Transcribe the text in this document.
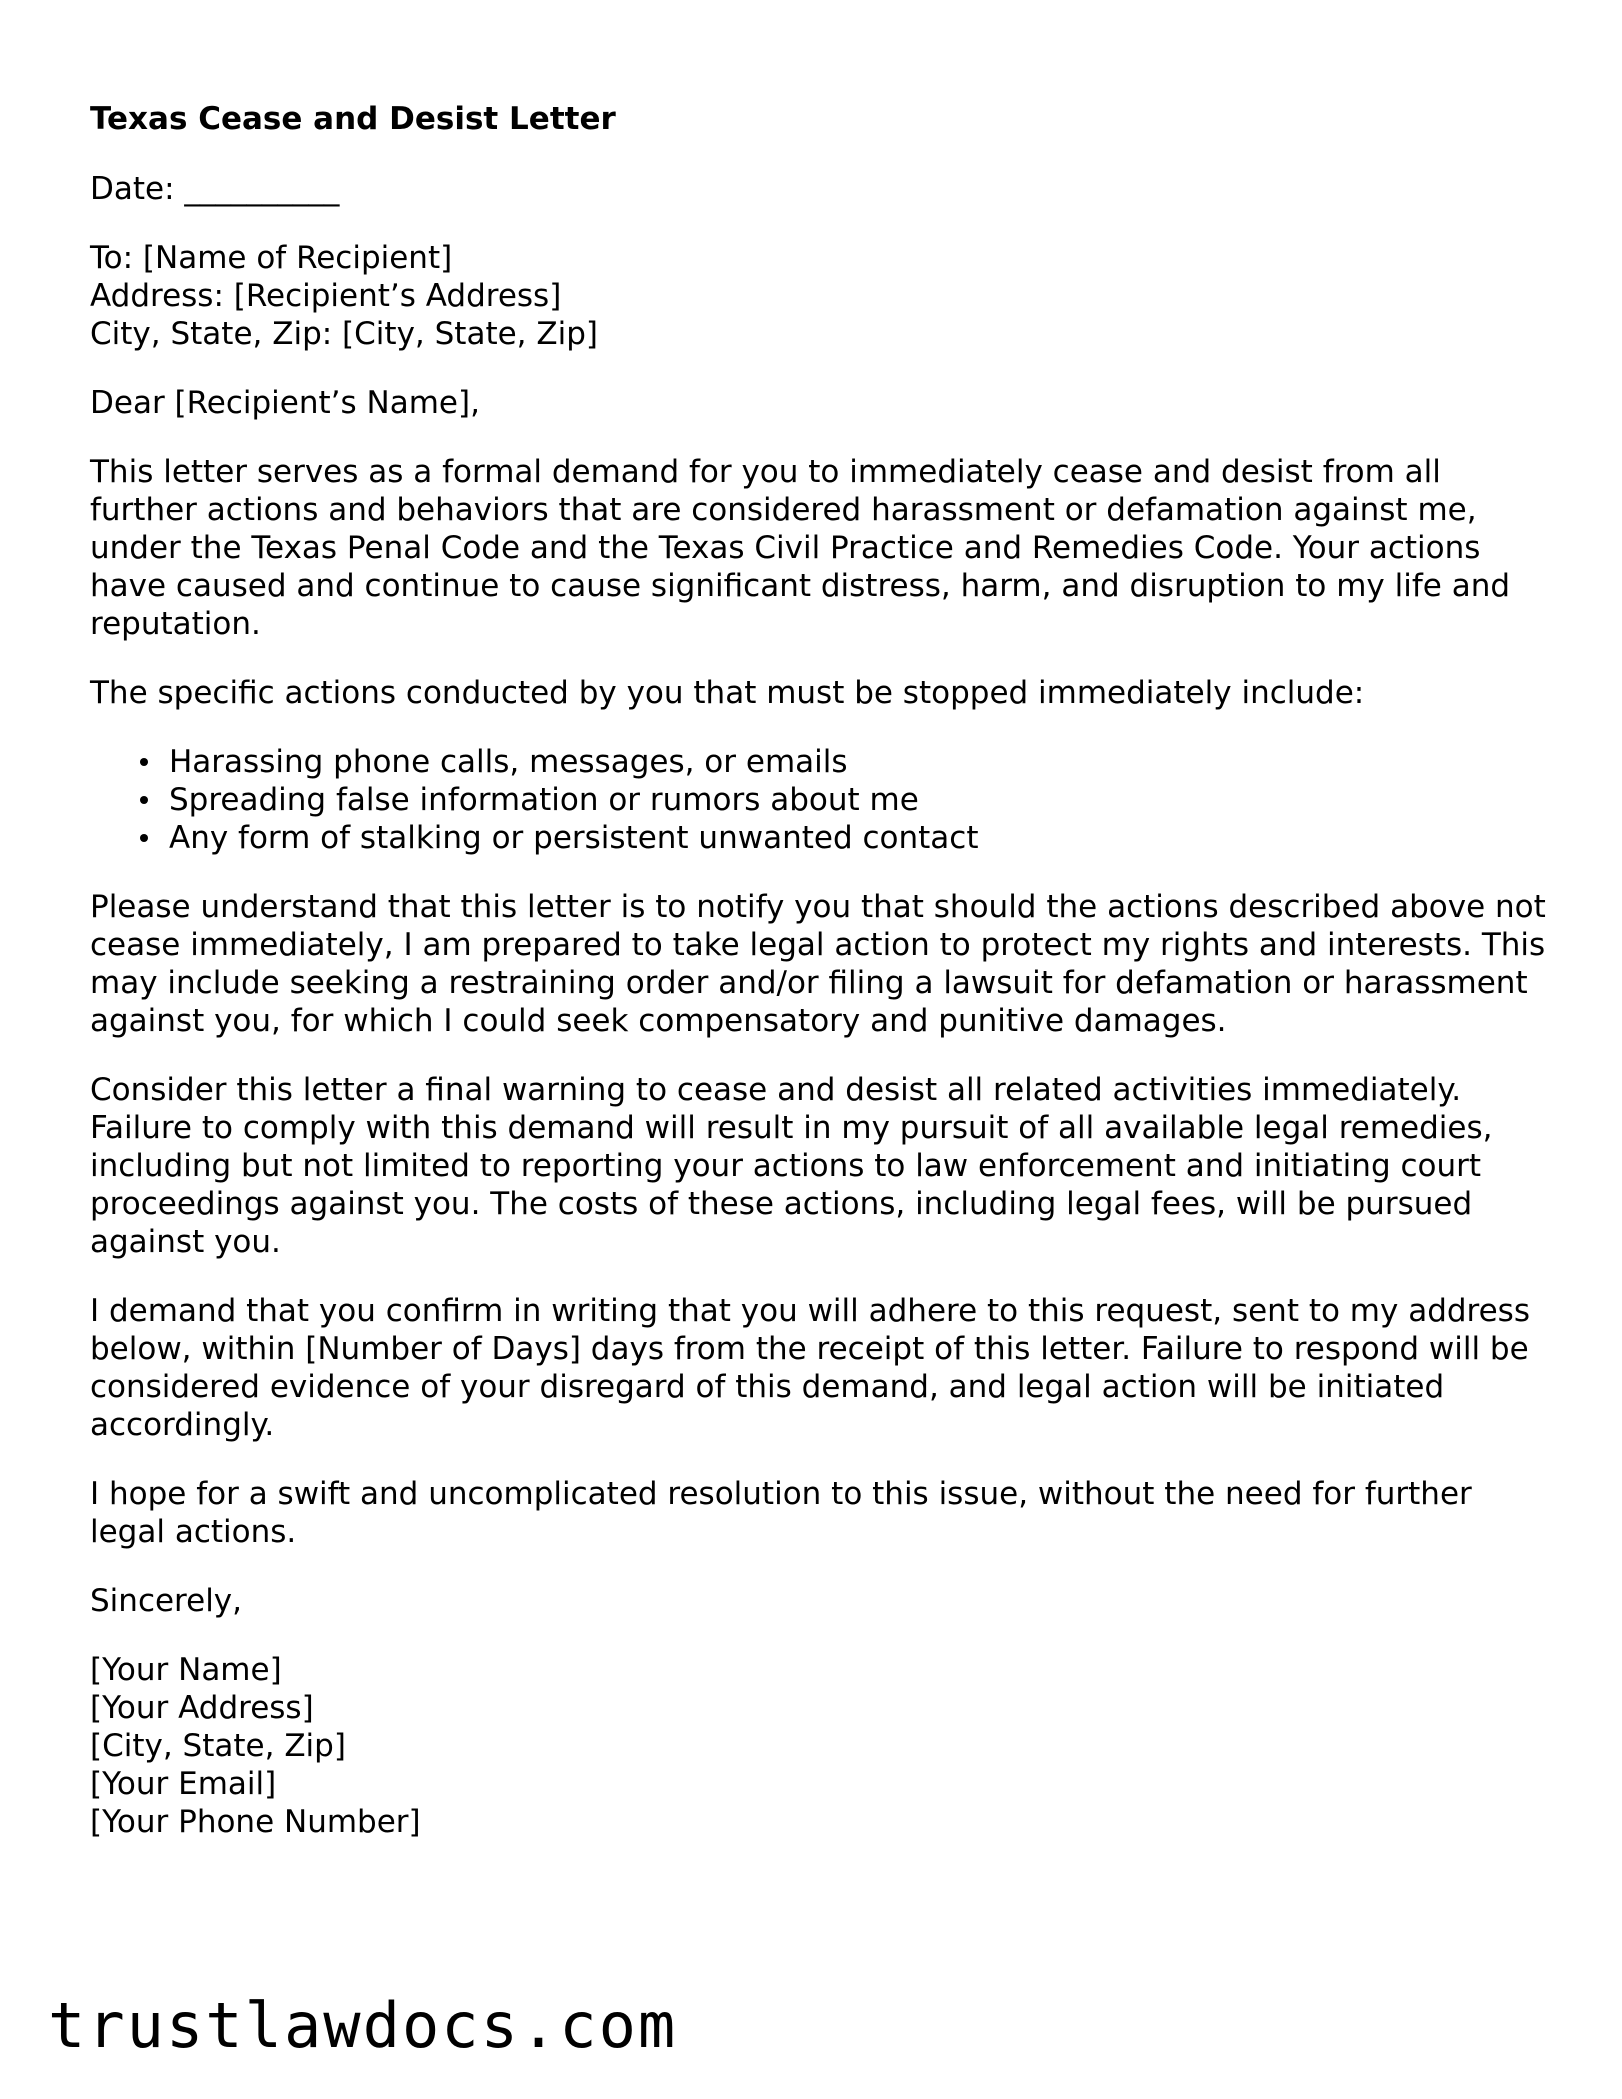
Texas Cease and Desist Letter
Date: __________
To: [Name of Recipient]
Address: [Recipient’s Address]
City, State, Zip: [City, State, Zip]
Dear [Recipient’s Name],

This letter serves as a formal demand for you to immediately cease and desist from all further actions and behaviors that are considered harassment or defamation against me, under the Texas Penal Code and the Texas Civil Practice and Remedies Code. Your actions have caused and continue to cause significant distress, harm, and disruption to my life and reputation.

The specific actions conducted by you that must be stopped immediately include:

Harassing phone calls, messages, or emails
Spreading false information or rumors about me
Any form of stalking or persistent unwanted contact

Please understand that this letter is to notify you that should the actions described above not cease immediately, I am prepared to take legal action to protect my rights and interests. This may include seeking a restraining order and/or filing a lawsuit for defamation or harassment against you, for which I could seek compensatory and punitive damages.

Consider this letter a final warning to cease and desist all related activities immediately. Failure to comply with this demand will result in my pursuit of all available legal remedies, including but not limited to reporting your actions to law enforcement and initiating court proceedings against you. The costs of these actions, including legal fees, will be pursued against you.

I demand that you confirm in writing that you will adhere to this request, sent to my address below, within [Number of Days] days from the receipt of this letter. Failure to respond will be considered evidence of your disregard of this demand, and legal action will be initiated accordingly.

I hope for a swift and uncomplicated resolution to this issue, without the need for further legal actions.

Sincerely,
[Your Name]
[Your Address]
[City, State, Zip]
[Your Email]
[Your Phone Number]
trustlawdocs.com
